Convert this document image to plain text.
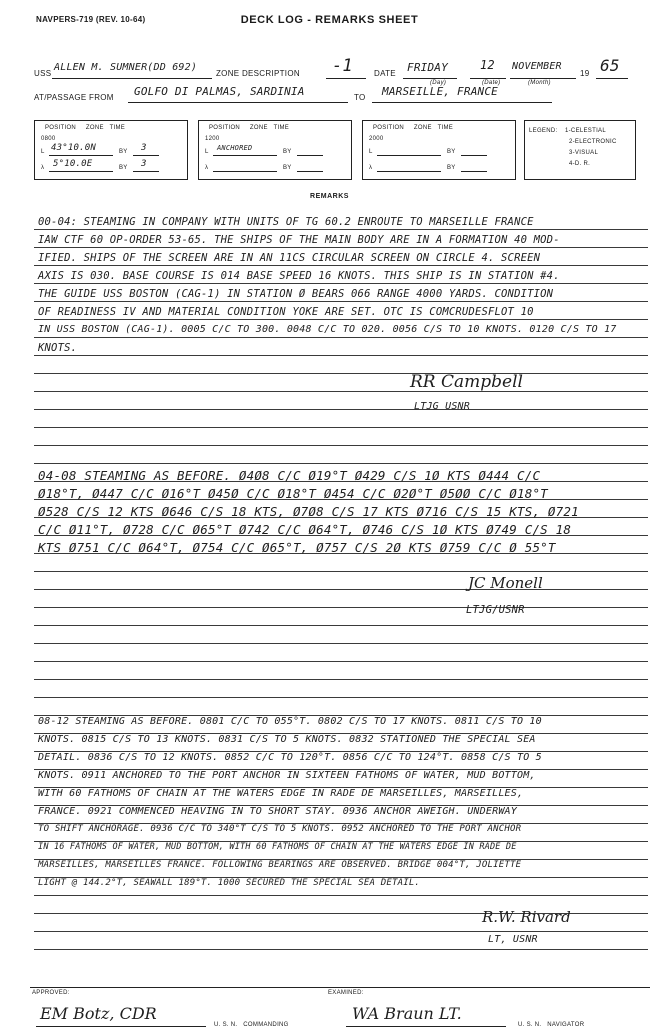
NAVPERS-719 (REV. 10-64)	DECK LOG - REMARKS SHEET
USS
ALLEN M. SUMNER(DD 692)
ZONE DESCRIPTION -1	DATE FRIDAY	12 NOVEMBER
19 65
(Day)	(Date)	(Month)
AT/PASSAGE FROM GOLFO DI PALMAS, SARDINIA	TO MARSEILLE, FRANCE
POSITION     ZONE   TIME
0800
L 43°10.0N	BY 3
λ 5°10.0E	BY 3
POSITION     ZONE   TIME
1200
L ANCHORED	BY
λ	BY
POSITION     ZONE   TIME
2000
L	BY
λ	BY
LEGEND: 1-CELESTIAL
2-ELECTRONIC
3-VISUAL
4-D. R.
REMARKS
00-04: STEAMING IN COMPANY WITH UNITS OF TG 60.2 ENROUTE TO MARSEILLE FRANCE
IAW CTF 60 OP-ORDER 53-65. THE SHIPS OF THE MAIN BODY ARE IN A FORMATION 40 MOD-
IFIED. SHIPS OF THE SCREEN ARE IN AN 11CS CIRCULAR SCREEN ON CIRCLE 4. SCREEN
AXIS IS 030. BASE COURSE IS 014 BASE SPEED 16 KNOTS. THIS SHIP IS IN STATION #4.
THE GUIDE USS BOSTON (CAG-1) IN STATION Ø BEARS 066 RANGE 4000 YARDS. CONDITION
OF READINESS IV AND MATERIAL CONDITION YOKE ARE SET. OTC IS COMCRUDESFLOT 10
IN USS BOSTON (CAG-1). 0005 C/C TO 300. 0048 C/C TO 020. 0056 C/S TO 10 KNOTS. 0120 C/S TO 17
KNOTS.
RR Campbell
LTJG USNR
04-08 STEAMING AS BEFORE. Ø4Ø8 C/C Ø19°T Ø429 C/S 1Ø KTS Ø444 C/C
Ø18°T, Ø447 C/C Ø16°T Ø45Ø C/C Ø18°T Ø454 C/C Ø2Ø°T Ø5ØØ C/C Ø18°T
Ø528 C/S 12 KTS Ø646 C/S 18 KTS, Ø7Ø8 C/S 17 KTS Ø716 C/S 15 KTS, Ø721
C/C Ø11°T, Ø728 C/C Ø65°T Ø742 C/C Ø64°T, Ø746 C/S 1Ø KTS Ø749 C/S 18
KTS Ø751 C/C Ø64°T, Ø754 C/C Ø65°T, Ø757 C/S 2Ø KTS Ø759 C/C Ø 55°T
JC Monell
LTJG/USNR
08-12 STEAMING AS BEFORE. 0801 C/C TO 055°T. 0802 C/S TO 17 KNOTS. 0811 C/S TO 10
KNOTS. 0815 C/S TO 13 KNOTS. 0831 C/S TO 5 KNOTS. 0832 STATIONED THE SPECIAL SEA
DETAIL. 0836 C/S TO 12 KNOTS. 0852 C/C TO 120°T. 0856 C/C TO 124°T. 0858 C/S TO 5
KNOTS. 0911 ANCHORED TO THE PORT ANCHOR IN SIXTEEN FATHOMS OF WATER, MUD BOTTOM,
WITH 60 FATHOMS OF CHAIN AT THE WATERS EDGE IN RADE DE MARSEILLES, MARSEILLES,
FRANCE. 0921 COMMENCED HEAVING IN TO SHORT STAY. 0936 ANCHOR AWEIGH. UNDERWAY
TO SHIFT ANCHORAGE. 0936 C/C TO 340°T C/S TO 5 KNOTS. 0952 ANCHORED TO THE PORT ANCHOR
IN 16 FATHOMS OF WATER, MUD BOTTOM, WITH 60 FATHOMS OF CHAIN AT THE WATERS EDGE IN RADE DE
MARSEILLES, MARSEILLES FRANCE. FOLLOWING BEARINGS ARE OBSERVED. BRIDGE 004°T, JOLIETTE
LIGHT @ 144.2°T, SEAWALL 189°T. 1000 SECURED THE SPECIAL SEA DETAIL.
R.W. Rivard
LT, USNR
APPROVED:
EM Botz, CDR
U. S. N.   COMMANDING
EXAMINED:
WA Braun LT.
U. S. N.   NAVIGATOR
